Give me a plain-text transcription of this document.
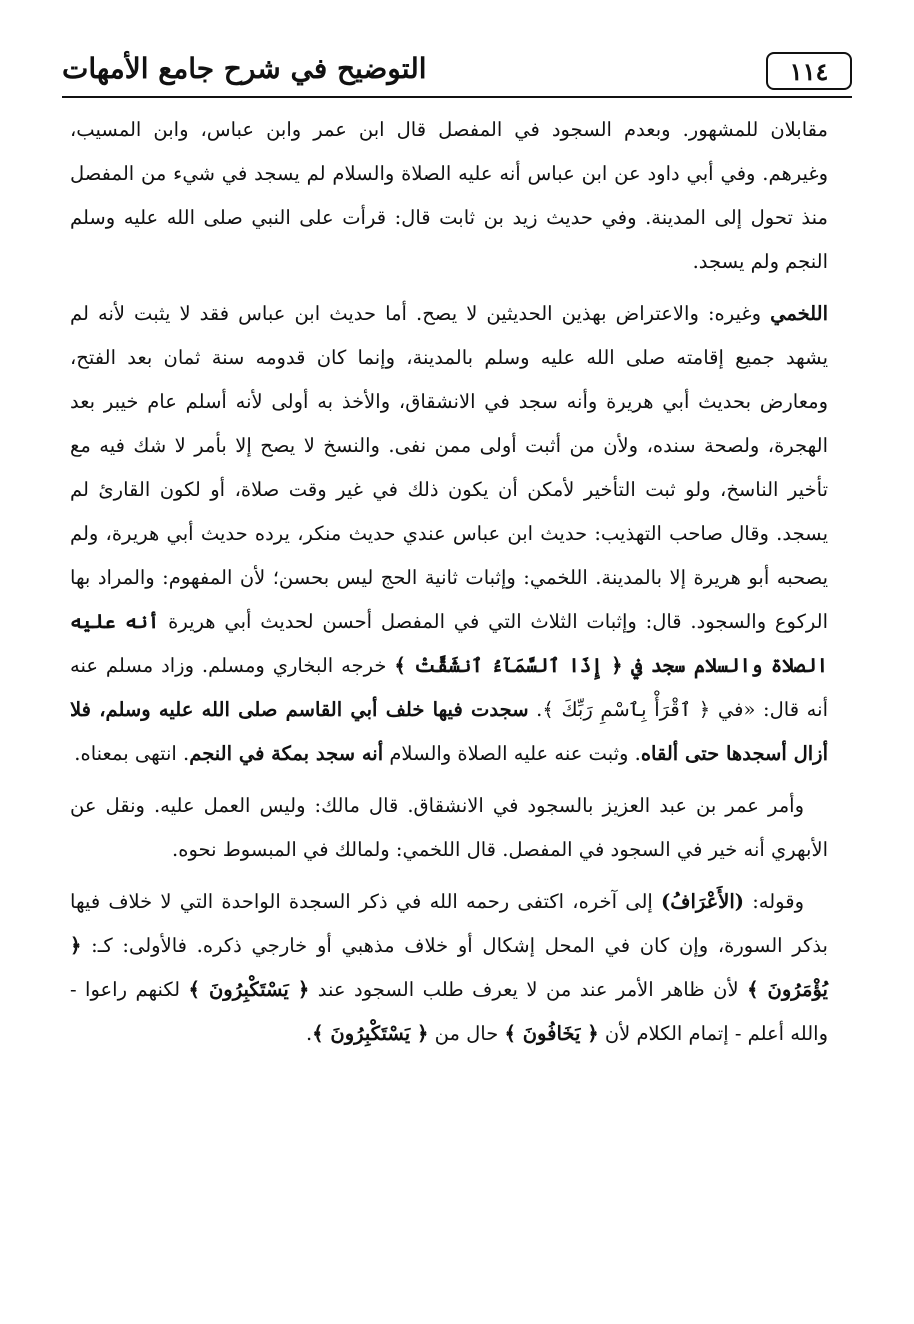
١١٤
التوضيح في شرح جامع الأمهات

مقابلان للمشهور. وبعدم السجود في المفصل قال ابن عمر وابن عباس، وابن المسيب، وغيرهم. وفي أبي داود عن ابن عباس أنه عليه الصلاة والسلام لم يسجد في شيء من المفصل منذ تحول إلى المدينة. وفي حديث زيد بن ثابت قال: قرأت على النبي صلى الله عليه وسلم النجم ولم يسجد.

اللخمي وغيره: والاعتراض بهذين الحديثين لا يصح. أما حديث ابن عباس فقد لا يثبت لأنه لم يشهد جميع إقامته صلى الله عليه وسلم بالمدينة، وإنما كان قدومه سنة ثمان بعد الفتح، ومعارض بحديث أبي هريرة وأنه سجد في الانشقاق، والأخذ به أولى لأنه أسلم عام خيبر بعد الهجرة، ولصحة سنده، ولأن من أثبت أولى ممن نفى. والنسخ لا يصح إلا بأمر لا شك فيه مع تأخير الناسخ، ولو ثبت التأخير لأمكن أن يكون ذلك في غير وقت صلاة، أو لكون القارئ لم يسجد. وقال صاحب التهذيب: حديث ابن عباس عندي حديث منكر، يرده حديث أبي هريرة، ولم يصحبه أبو هريرة إلا بالمدينة. اللخمي: وإثبات ثانية الحج ليس بحسن؛ لأن المفهوم: والمراد بها الركوع والسجود. قال: وإثبات الثلاث التي في المفصل أحسن لحديث أبي هريرة أنه عليه الصلاة والسلام سجد في ﴿ إِذَا ٱلسَّمَآءُ ٱنشَقَّتْ ﴾ خرجه البخاري ومسلم. وزاد مسلم عنه أنه قال: «في ﴿ ٱقْرَأْ بِٱسْمِ رَبِّكَ ﴾. سجدت فيها خلف أبي القاسم صلى الله عليه وسلم، فلا أزال أسجدها حتى ألقاه. وثبت عنه عليه الصلاة والسلام أنه سجد بمكة في النجم. انتهى بمعناه.

وأمر عمر بن عبد العزيز بالسجود في الانشقاق. قال مالك: وليس العمل عليه. ونقل عن الأبهري أنه خير في السجود في المفصل. قال اللخمي: ولمالك في المبسوط نحوه.

وقوله: (الأَعْرَافُ) إلى آخره، اكتفى رحمه الله في ذكر السجدة الواحدة التي لا خلاف فيها بذكر السورة، وإن كان في المحل إشكال أو خلاف مذهبي أو خارجي ذكره. فالأولى: كـ: ﴿ يُؤْمَرُونَ ﴾ لأن ظاهر الأمر عند من لا يعرف طلب السجود عند ﴿ يَسْتَكْبِرُونَ ﴾ لكنهم راعوا - والله أعلم - إتمام الكلام لأن ﴿ يَخَافُونَ ﴾ حال من ﴿ يَسْتَكْبِرُونَ ﴾.
